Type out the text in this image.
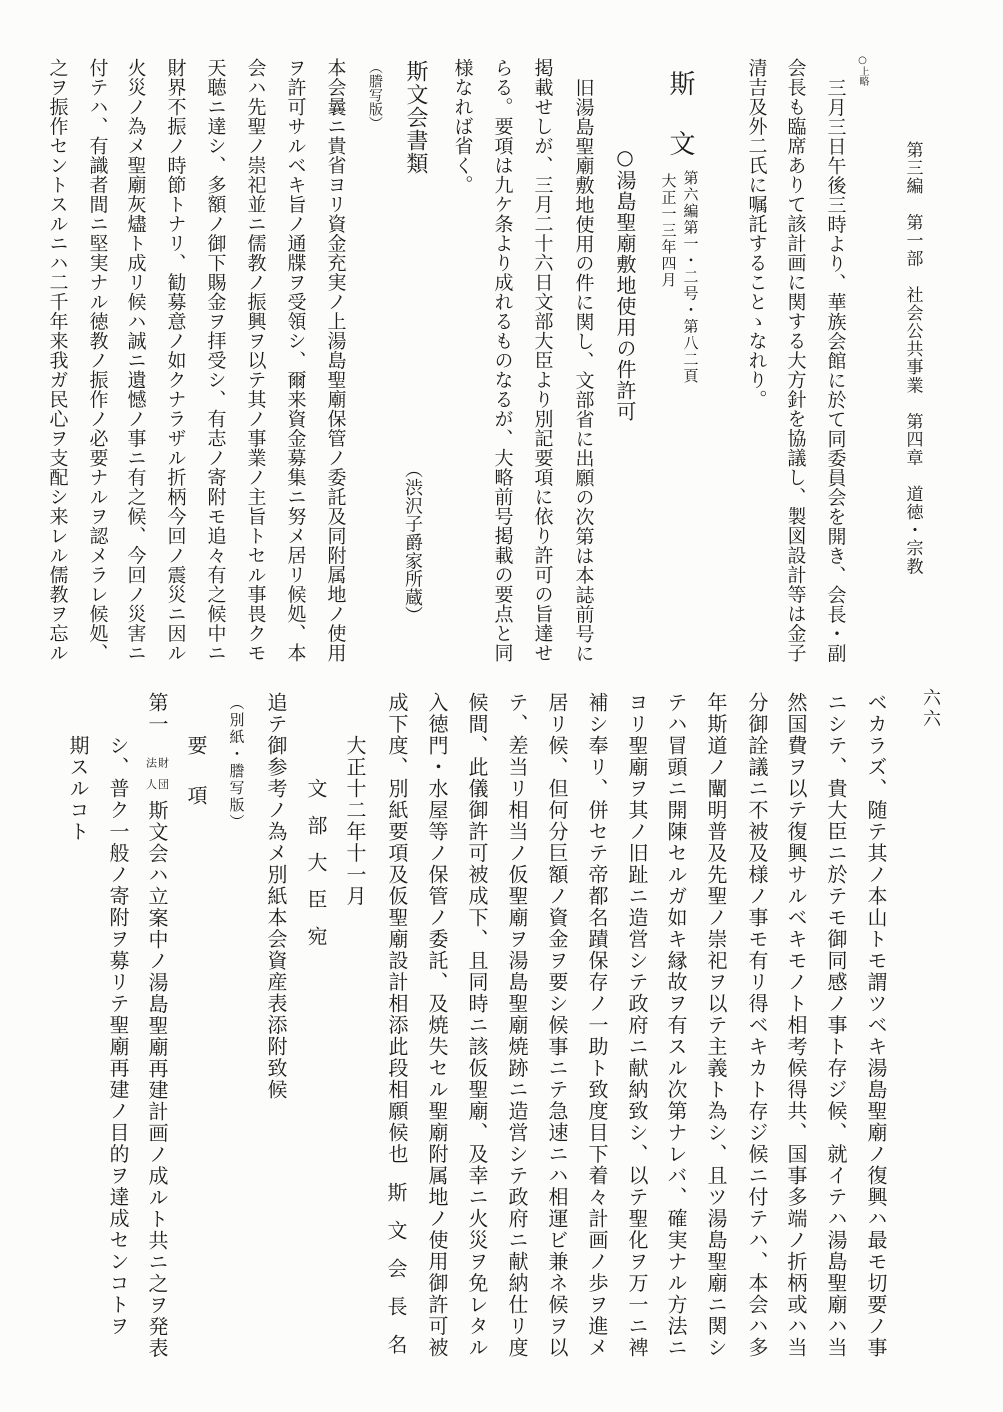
第三編　第一部　社会公共事業　第四章　道徳・宗教

○上略

三月三日午後三時より、華族会館に於て同委員会を開き、会長・副

会長も臨席ありて該計画に関する大方針を協議し、製図設計等は金子

清吉及外二氏に嘱託することゝなれり。

斯　文

第六編第一・二号・第八二頁

大正一三年四月

○湯島聖廟敷地使用の件許可

旧湯島聖廟敷地使用の件に関し、文部省に出願の次第は本誌前号に

掲載せしが、三月二十六日文部大臣より別記要項に依り許可の旨達せ

らる。要項は九ケ条より成れるものなるが、大略前号掲載の要点と同

様なれば省く。

斯文会書類

（渋沢子爵家所蔵）

（謄写版）

本会曩ニ貴省ヨリ資金充実ノ上湯島聖廟保管ノ委託及同附属地ノ使用

ヲ許可サルベキ旨ノ通牒ヲ受領シ、爾来資金募集ニ努メ居リ候処、本

会ハ先聖ノ崇祀並ニ儒教ノ振興ヲ以テ其ノ事業ノ主旨トセル事畏クモ

天聴ニ達シ、多額ノ御下賜金ヲ拝受シ、有志ノ寄附モ追々有之候中ニ

財界不振ノ時節トナリ、勧募意ノ如クナラザル折柄今回ノ震災ニ因ル

火災ノ為メ聖廟灰燼ト成リ候ハ誠ニ遺憾ノ事ニ有之候、今回ノ災害ニ

付テハ、有識者間ニ堅実ナル徳教ノ振作ノ必要ナルヲ認メラレ候処、

之ヲ振作セントスルニハ二千年来我ガ民心ヲ支配シ来レル儒教ヲ忘ル

六六

ベカラズ、随テ其ノ本山トモ謂ツベキ湯島聖廟ノ復興ハ最モ切要ノ事

ニシテ、貴大臣ニ於テモ御同感ノ事ト存ジ候、就イテハ湯島聖廟ハ当

然国費ヲ以テ復興サルベキモノト相考候得共、国事多端ノ折柄或ハ当

分御詮議ニ不被及様ノ事モ有リ得ベキカト存ジ候ニ付テハ、本会ハ多

年斯道ノ闡明普及先聖ノ崇祀ヲ以テ主義ト為シ、且ツ湯島聖廟ニ関シ

テハ冒頭ニ開陳セルガ如キ縁故ヲ有スル次第ナレバ、確実ナル方法ニ

ヨリ聖廟ヲ其ノ旧趾ニ造営シテ政府ニ献納致シ、以テ聖化ヲ万一ニ裨

補シ奉リ、併セテ帝都名蹟保存ノ一助ト致度目下着々計画ノ歩ヲ進メ

居リ候、但何分巨額ノ資金ヲ要シ候事ニテ急速ニハ相運ビ兼ネ候ヲ以

テ、差当リ相当ノ仮聖廟ヲ湯島聖廟焼跡ニ造営シテ政府ニ献納仕リ度

候間、此儀御許可被成下、且同時ニ該仮聖廟、及幸ニ火災ヲ免レタル

入徳門・水屋等ノ保管ノ委託、及焼失セル聖廟附属地ノ使用御許可被

成下度、別紙要項及仮聖廟設計相添此段相願候也

斯　文　会　長　名

大正十二年十一月

文　部　大　臣　宛

追テ御参考ノ為メ別紙本会資産表添附致候

（別紙・謄写版）

要　項

第一

財団

法人

斯文会ハ立案中ノ湯島聖廟再建計画ノ成ルト共ニ之ヲ発表

シ、普ク一般ノ寄附ヲ募リテ聖廟再建ノ目的ヲ達成センコトヲ

期スルコト
